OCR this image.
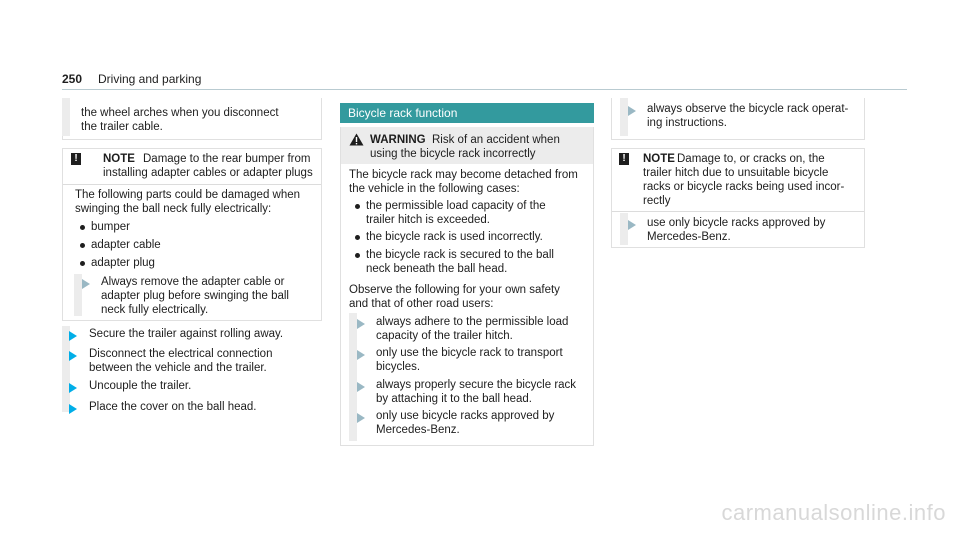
250 Driving and parking
the wheel arches when you disconnect
the trailer cable.
! NOTE Damage to the rear bumper from
installing adapter cables or adapter plugs
The following parts could be damaged when
swinging the ball neck fully electrically:
bumper
adapter cable
adapter plug
Always remove the adapter cable or
adapter plug before swinging the ball
neck fully electrically.
Secure the trailer against rolling away.
Disconnect the electrical connection
between the vehicle and the trailer.
Uncouple the trailer.
Place the cover on the ball head.
Bicycle rack function
WARNING Risk of an accident when
using the bicycle rack incorrectly
The bicycle rack may become detached from
the vehicle in the following cases:
the permissible load capacity of the
trailer hitch is exceeded.
the bicycle rack is used incorrectly.
the bicycle rack is secured to the ball
neck beneath the ball head.
Observe the following for your own safety
and that of other road users:
always adhere to the permissible load
capacity of the trailer hitch.
only use the bicycle rack to transport
bicycles.
always properly secure the bicycle rack
by attaching it to the ball head.
only use bicycle racks approved by
Mercedes-Benz.
always observe the bicycle rack operat-
ing instructions.
! NOTE Damage to, or cracks on, the
trailer hitch due to unsuitable bicycle
racks or bicycle racks being used incor-
rectly
use only bicycle racks approved by
Mercedes-Benz.
carmanualsonline.info
